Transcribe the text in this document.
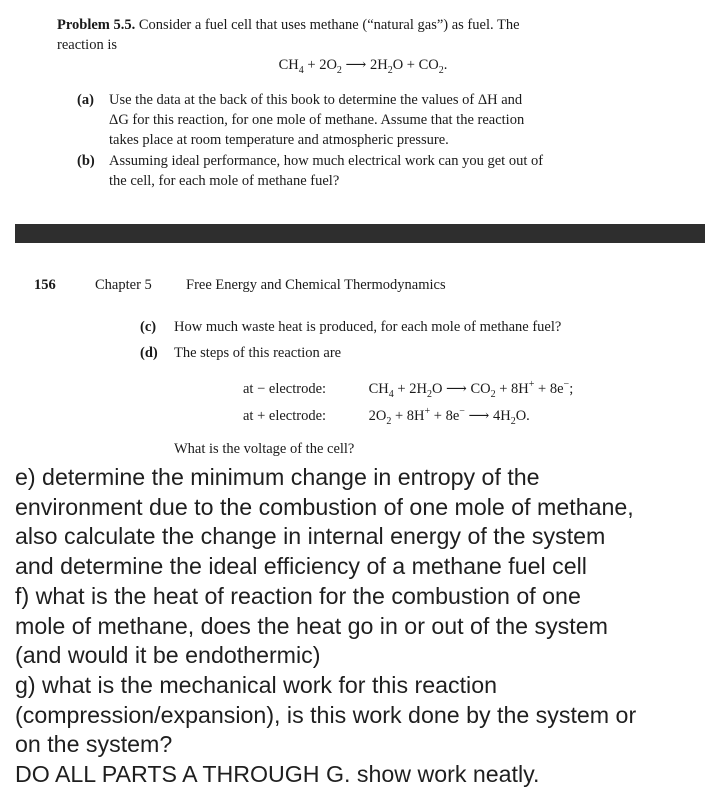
Problem 5.5. Consider a fuel cell that uses methane (“natural gas”) as fuel. The
reaction is
$CH_4 + 2O_2$ ⟶ $2H_2O + CO_2$.
(a) Use the data at the back of this book to determine the values of ΔH and
ΔG for this reaction, for one mole of methane. Assume that the reaction
takes place at room temperature and atmospheric pressure.
(b) Assuming ideal performance, how much electrical work can you get out of
the cell, for each mole of methane fuel?
156	Chapter 5 Free Energy and Chemical Thermodynamics
(c) How much waste heat is produced, for each mole of methane fuel?
(d) The steps of this reaction are
at − electrode:	$CH_4 + 2H_2O$ ⟶ $CO_2 + 8H^+ + 8e^-$;
at + electrode:	$2O_2 + 8H^+ + 8e^-$ ⟶ $4H_2O$.
What is the voltage of the cell?
e) determine the minimum change in entropy of the
environment due to the combustion of one mole of methane,
also calculate the change in internal energy of the system
and determine the ideal efficiency of a methane fuel cell
f) what is the heat of reaction for the combustion of one
mole of methane, does the heat go in or out of the system
(and would it be endothermic)
g) what is the mechanical work for this reaction
(compression/expansion), is this work done by the system or
on the system?
DO ALL PARTS A THROUGH G. show work neatly.
